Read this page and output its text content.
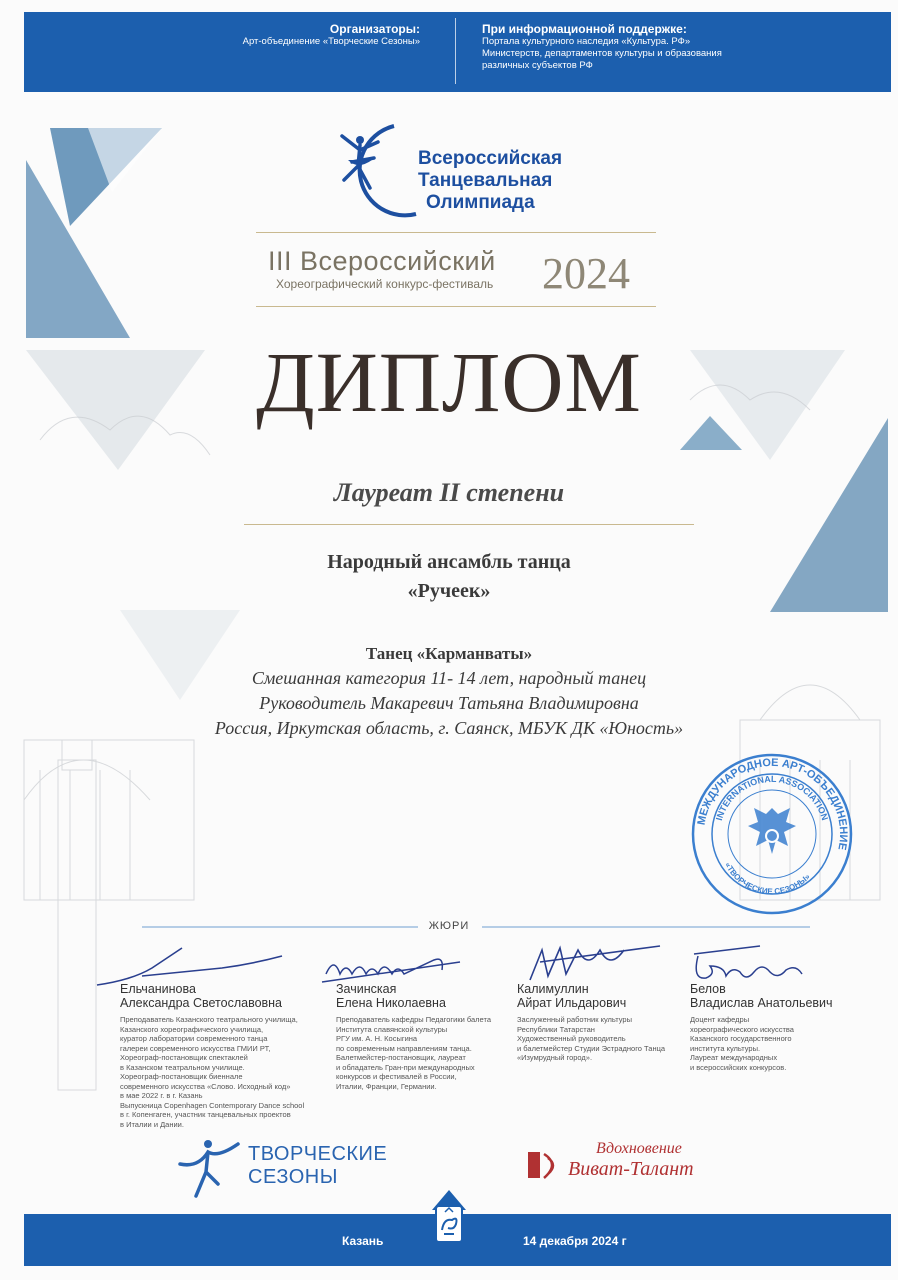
Организаторы:
Арт-объединение «Творческие Сезоны»
При информационной поддержке:
Портала культурного наследия «Культура. РФ»
Министерств, департаментов культуры и образования
различных субъектов РФ
Всероссийская
Танцевальная
Олимпиада
III Всероссийский
Хореографический конкурс-фестиваль 2024
ДИПЛОМ
Лауреат II степени
Народный ансамбль танца
«Ручеек»
Танец «Карманваты»
Смешанная категория 11- 14 лет, народный танец
Руководитель Макаревич Татьяна Владимировна
Россия, Иркутская область, г. Саянск, МБУК ДК «Юность»
МЕЖДУНАРОДНОЕ АРТ-ОБЪЕДИНЕНИЕ
INTERNATIONAL ASSOCIATION
«ТВОРЧЕСКИЕ СЕЗОНЫ»
ЖЮРИ
Ельчанинова
Александра Светославовна
Преподаватель Казанского театрального училища,
Казанского хореографического училища,
куратор лаборатории современного танца
галереи современного искусства ГМИИ РТ,
Хореограф-постановщик спектаклей
в Казанском театральном училище.
Хореограф-постановщик биеннале
современного искусства «Слово. Исходный код»
в мае 2022 г. в г. Казань
Выпускница Copenhagen Contemporary Dance school
в г. Копенгаген, участник танцевальных проектов
в Италии и Дании.
Зачинская
Елена Николаевна
Преподаватель кафедры Педагогики балета
Института славянской культуры
РГУ им. А. Н. Косыгина
по современным направлениям танца.
Балетмейстер-постановщик, лауреат
и обладатель Гран-при международных
конкурсов и фестивалей в России,
Италии, Франции, Германии.
Калимуллин
Айрат Ильдарович
Заслуженный работник культуры
Республики Татарстан
Художественный руководитель
и балетмейстер Студии Эстрадного Танца
«Изумрудный город».
Белов
Владислав Анатольевич
Доцент кафедры
хореографического искусства
Казанского государственного
института культуры.
Лауреат международных
и всероссийских конкурсов.
ТВОРЧЕСКИЕ
СЕЗОНЫ
Вдохновение
Виват-Талант
Казань	14 декабря 2024 г
